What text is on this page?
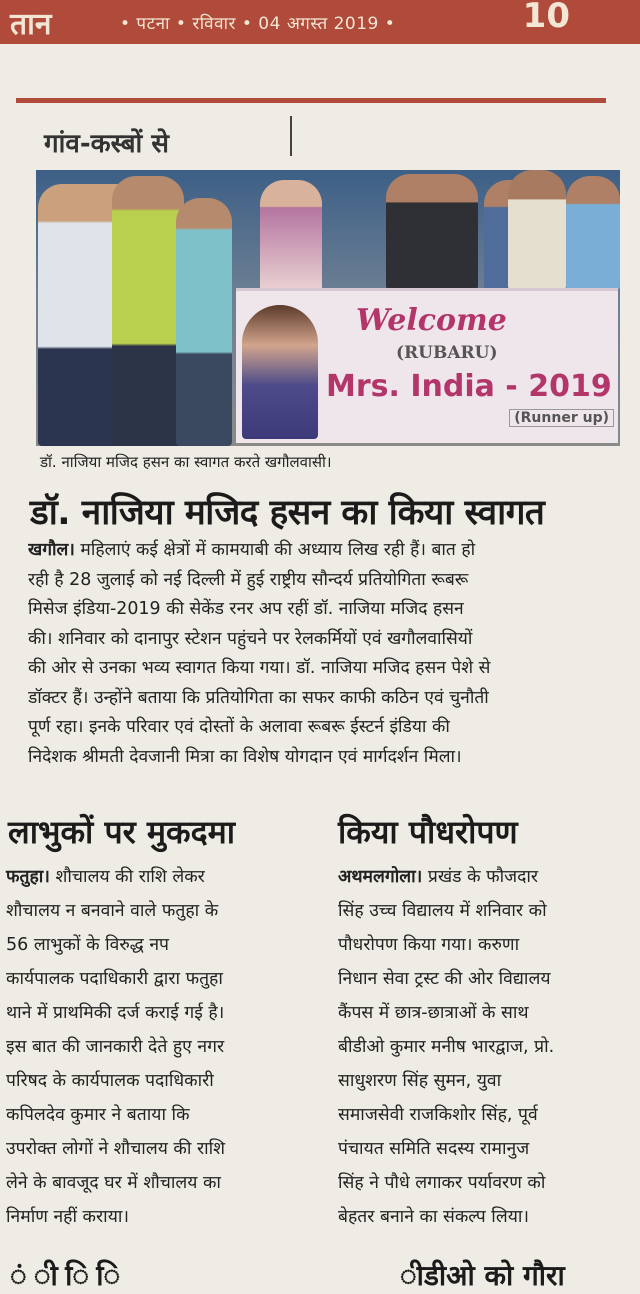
तान	• पटना • रविवार • 04 अगस्त 2019 •	10
गांव-कस्बों से
Welcome
(RUBARU)
Mrs. India - 2019
(Runner up)
डॉ. नाजिया मजिद हसन का स्वागत करते खगौलवासी।
डॉ. नाजिया मजिद हसन का किया स्वागत
खगौल। महिलाएं कई क्षेत्रों में कामयाबी की अध्याय लिख रही हैं। बात हो
रही है 28 जुलाई को नई दिल्ली में हुई राष्ट्रीय सौन्दर्य प्रतियोगिता रूबरू
मिसेज इंडिया-2019 की सेकेंड रनर अप रहीं डॉ. नाजिया मजिद हसन
की। शनिवार को दानापुर स्टेशन पहुंचने पर रेलकर्मियों एवं खगौलवासियों
की ओर से उनका भव्य स्वागत किया गया। डॉ. नाजिया मजिद हसन पेशे से
डॉक्टर हैं। उन्होंने बताया कि प्रतियोगिता का सफर काफी कठिन एवं चुनौती
पूर्ण रहा। इनके परिवार एवं दोस्तों के अलावा रूबरू ईस्टर्न इंडिया की
निदेशक श्रीमती देवजानी मित्रा का विशेष योगदान एवं मार्गदर्शन मिला।
लाभुकों पर मुकदमा
फतुहा। शौचालय की राशि लेकर
शौचालय न बनवाने वाले फतुहा के
56 लाभुकों के विरुद्ध नप
कार्यपालक पदाधिकारी द्वारा फतुहा
थाने में प्राथमिकी दर्ज कराई गई है।
इस बात की जानकारी देते हुए नगर
परिषद के कार्यपालक पदाधिकारी
कपिलदेव कुमार ने बताया कि
उपरोक्त लोगों ने शौचालय की राशि
लेने के बावजूद घर में शौचालय का
निर्माण नहीं कराया।
किया पौधरोपण
अथमलगोला। प्रखंड के फौजदार
सिंह उच्च विद्यालय में शनिवार को
पौधरोपण किया गया। करुणा
निधान सेवा ट्रस्ट की ओर विद्यालय
कैंपस में छात्र-छात्राओं के साथ
बीडीओ कुमार मनीष भारद्वाज, प्रो.
साधुशरण सिंह सुमन, युवा
समाजसेवी राजकिशोर सिंह, पूर्व
पंचायत समिति सदस्य रामानुज
सिंह ने पौधे लगाकर पर्यावरण को
बेहतर बनाने का संकल्प लिया।
ं ी ि ि	ीडीओ को गौरा
